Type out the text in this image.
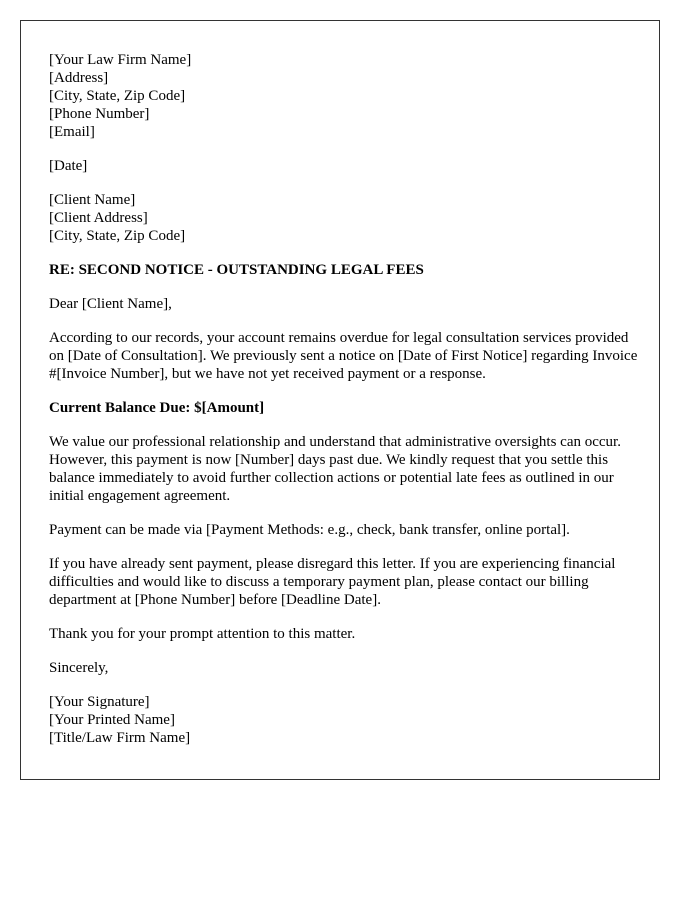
[Your Law Firm Name]
[Address]
[City, State, Zip Code]
[Phone Number]
[Email]
[Date]
[Client Name]
[Client Address]
[City, State, Zip Code]

RE: SECOND NOTICE - OUTSTANDING LEGAL FEES

Dear [Client Name],

According to our records, your account remains overdue for legal consultation services provided on [Date of Consultation]. We previously sent a notice on [Date of First Notice] regarding Invoice #[Invoice Number], but we have not yet received payment or a response.

Current Balance Due: $[Amount]

We value our professional relationship and understand that administrative oversights can occur. However, this payment is now [Number] days past due. We kindly request that you settle this balance immediately to avoid further collection actions or potential late fees as outlined in our initial engagement agreement.

Payment can be made via [Payment Methods: e.g., check, bank transfer, online portal].

If you have already sent payment, please disregard this letter. If you are experiencing financial difficulties and would like to discuss a temporary payment plan, please contact our billing department at [Phone Number] before [Deadline Date].

Thank you for your prompt attention to this matter.

Sincerely,

[Your Signature]
[Your Printed Name]
[Title/Law Firm Name]
